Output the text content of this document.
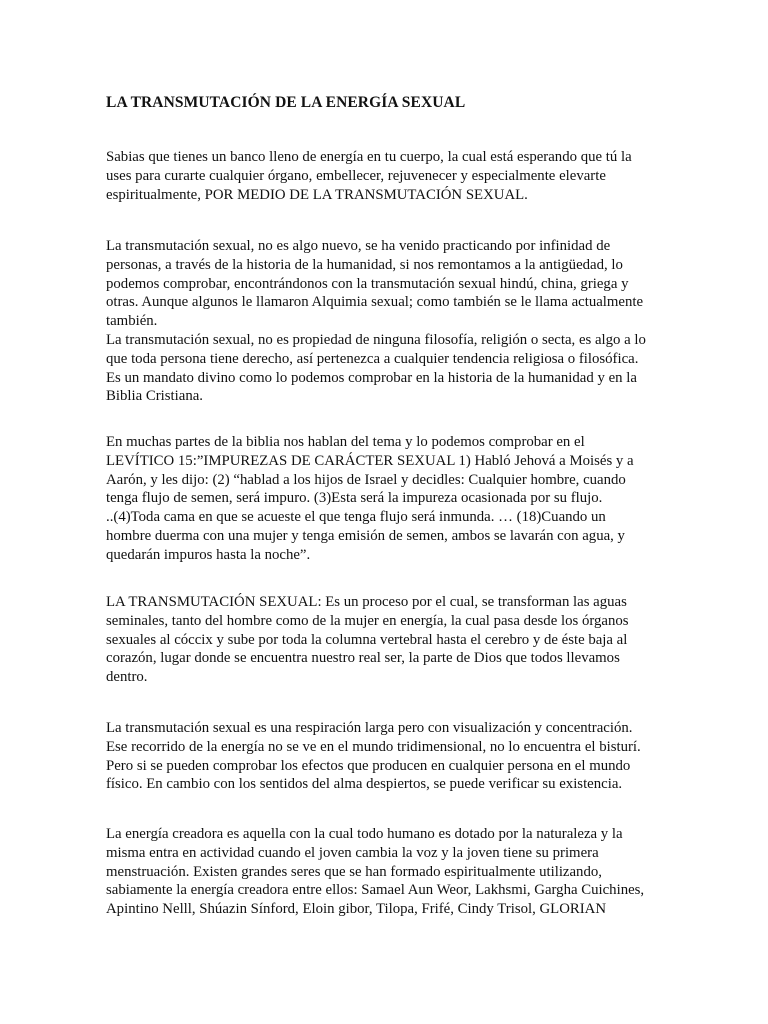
LA TRANSMUTACIÓN DE LA ENERGÍA SEXUAL
Sabias que tienes un banco lleno de energía en tu cuerpo, la cual está esperando que tú la
uses para curarte cualquier órgano, embellecer, rejuvenecer y especialmente elevarte
espiritualmente, POR MEDIO DE LA TRANSMUTACIÓN SEXUAL.
La transmutación sexual, no es algo nuevo, se ha venido practicando por infinidad de
personas, a través de la historia de la humanidad, si nos remontamos a la antigüedad, lo
podemos comprobar, encontrándonos con la transmutación sexual hindú, china, griega y
otras. Aunque algunos le llamaron Alquimia sexual; como también se le llama actualmente
también.
La transmutación sexual, no es propiedad de ninguna filosofía, religión o secta, es algo a lo
que toda persona tiene derecho, así pertenezca a cualquier tendencia religiosa o filosófica.
Es un mandato divino como lo podemos comprobar en la historia de la humanidad y en la
Biblia Cristiana.
En muchas partes de la biblia nos hablan del tema y lo podemos comprobar en el
LEVÍTICO 15:”IMPUREZAS DE CARÁCTER SEXUAL 1) Habló Jehová a Moisés y a
Aarón, y les dijo: (2) “hablad a los hijos de Israel y decidles: Cualquier hombre, cuando
tenga flujo de semen, será impuro. (3)Esta será la impureza ocasionada por su flujo.
..(4)Toda cama en que se acueste el que tenga flujo será inmunda. … (18)Cuando un
hombre duerma con una mujer y tenga emisión de semen, ambos se lavarán con agua, y
quedarán impuros hasta la noche”.
LA TRANSMUTACIÓN SEXUAL: Es un proceso por el cual, se transforman las aguas
seminales, tanto del hombre como de la mujer en energía, la cual pasa desde los órganos
sexuales al cóccix y sube por toda la columna vertebral hasta el cerebro y de éste baja al
corazón, lugar donde se encuentra nuestro real ser, la parte de Dios que todos llevamos
dentro.
La transmutación sexual es una respiración larga pero con visualización y concentración.
Ese recorrido de la energía no se ve en el mundo tridimensional, no lo encuentra el bisturí.
Pero si se pueden comprobar los efectos que producen en cualquier persona en el mundo
físico. En cambio con los sentidos del alma despiertos, se puede verificar su existencia.
La energía creadora es aquella con la cual todo humano es dotado por la naturaleza y la
misma entra en actividad cuando el joven cambia la voz y la joven tiene su primera
menstruación. Existen grandes seres que se han formado espiritualmente utilizando,
sabiamente la energía creadora entre ellos: Samael Aun Weor, Lakhsmi, Gargha Cuichines,
Apintino Nelll, Shúazin Sínford, Eloin gibor, Tilopa, Frifé, Cindy Trisol, GLORIAN
